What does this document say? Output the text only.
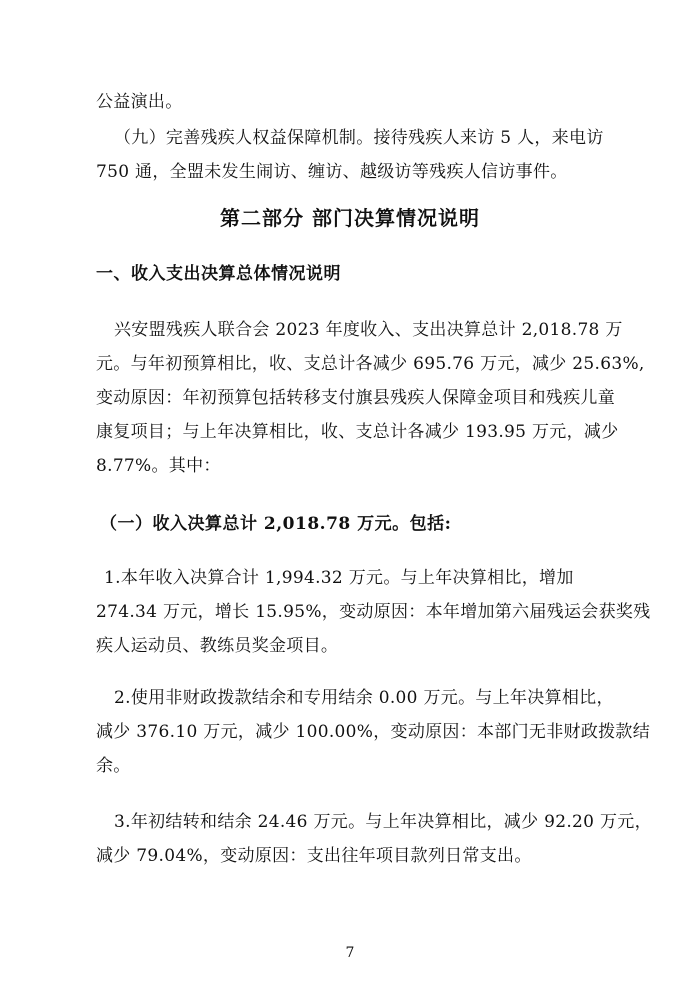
公益演出。
（九）完善残疾人权益保障机制。接待残疾人来访 5 人，来电访
750 通，全盟未发生闹访、缠访、越级访等残疾人信访事件。
第二部分 部门决算情况说明
一、收入支出决算总体情况说明
兴安盟残疾人联合会 2023 年度收入、支出决算总计 2,018.78 万
元。与年初预算相比，收、支总计各减少 695.76 万元，减少 25.63%,
变动原因：年初预算包括转移支付旗县残疾人保障金项目和残疾儿童
康复项目；与上年决算相比，收、支总计各减少 193.95 万元，减少
8.77%。其中：
（一）收入决算总计 2,018.78 万元。包括:
1.本年收入决算合计 1,994.32 万元。与上年决算相比，增加
274.34 万元，增长 15.95%，变动原因：本年增加第六届残运会获奖残
疾人运动员、教练员奖金项目。
2.使用非财政拨款结余和专用结余 0.00 万元。与上年决算相比，
减少 376.10 万元，减少 100.00%，变动原因：本部门无非财政拨款结
余。
3.年初结转和结余 24.46 万元。与上年决算相比，减少 92.20 万元，
减少 79.04%，变动原因：支出往年项目款列日常支出。
7
